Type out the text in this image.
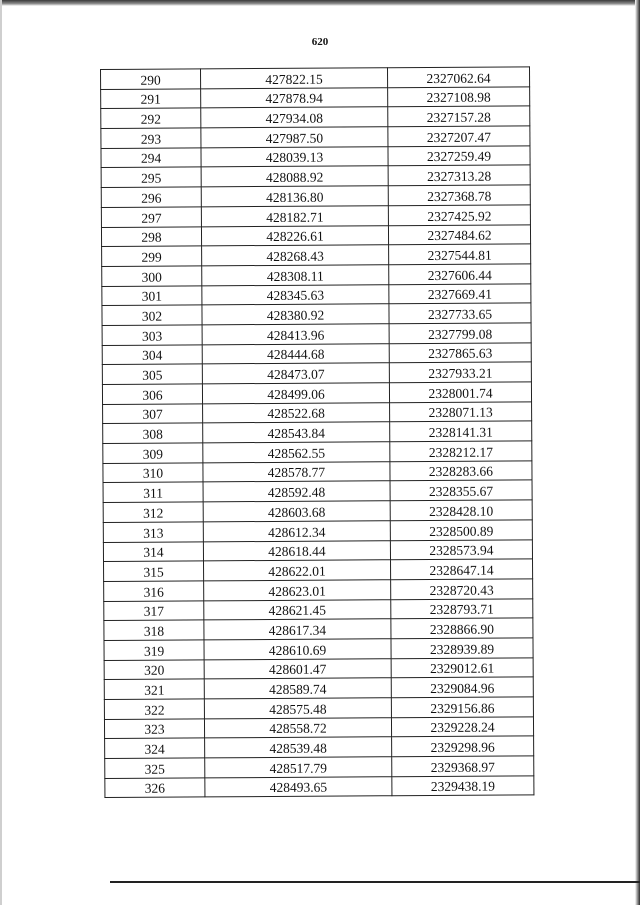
620
290	427822.15	2327062.64
291	427878.94	2327108.98
292	427934.08	2327157.28
293	427987.50	2327207.47
294	428039.13	2327259.49
295	428088.92	2327313.28
296	428136.80	2327368.78
297	428182.71	2327425.92
298	428226.61	2327484.62
299	428268.43	2327544.81
300	428308.11	2327606.44
301	428345.63	2327669.41
302	428380.92	2327733.65
303	428413.96	2327799.08
304	428444.68	2327865.63
305	428473.07	2327933.21
306	428499.06	2328001.74
307	428522.68	2328071.13
308	428543.84	2328141.31
309	428562.55	2328212.17
310	428578.77	2328283.66
311	428592.48	2328355.67
312	428603.68	2328428.10
313	428612.34	2328500.89
314	428618.44	2328573.94
315	428622.01	2328647.14
316	428623.01	2328720.43
317	428621.45	2328793.71
318	428617.34	2328866.90
319	428610.69	2328939.89
320	428601.47	2329012.61
321	428589.74	2329084.96
322	428575.48	2329156.86
323	428558.72	2329228.24
324	428539.48	2329298.96
325	428517.79	2329368.97
326	428493.65	2329438.19
